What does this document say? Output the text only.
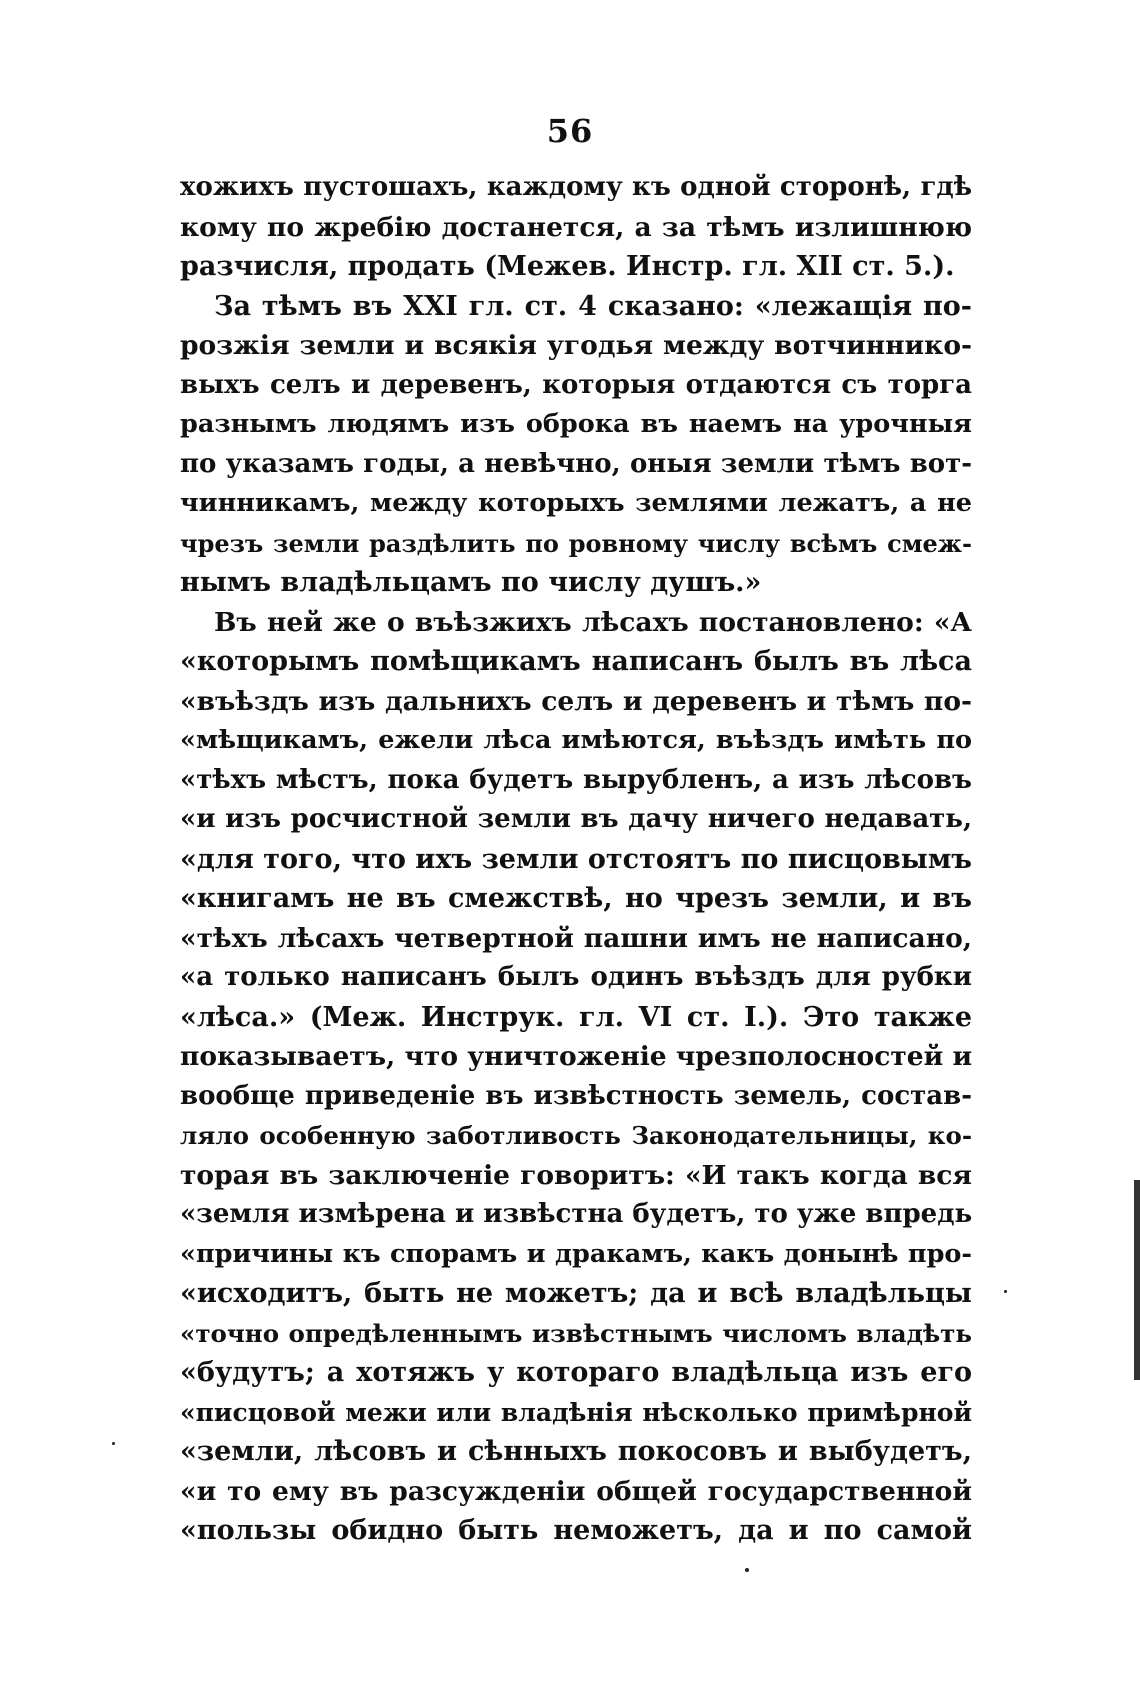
56
хожихъ пустошахъ, каждому къ одной сторонѣ, гдѣ
кому по жребію достанется, а за тѣмъ излишнюю
разчисля, продать (Межев. Инстр. гл. XII ст. 5.).
За тѣмъ въ XXI гл. ст. 4 сказано: «лежащія по-
розжія земли и всякія угодья между вотчиннико-
выхъ селъ и деревенъ, которыя отдаются съ торга
разнымъ людямъ изъ оброка въ наемъ на урочныя
по указамъ годы, а невѣчно, оныя земли тѣмъ вот-
чинникамъ, между которыхъ землями лежатъ, а не
чрезъ земли раздѣлить по ровному числу всѣмъ смеж-
нымъ владѣльцамъ по числу душъ.»
Въ ней же о въѣзжихъ лѣсахъ постановлено: «А
«которымъ помѣщикамъ написанъ былъ въ лѣса
«въѣздъ изъ дальнихъ селъ и деревенъ и тѣмъ по-
«мѣщикамъ, ежели лѣса имѣются, въѣздъ имѣть по
«тѣхъ мѣстъ, пока будетъ вырубленъ, а изъ лѣсовъ
«и изъ росчистной земли въ дачу ничего недавать,
«для того, что ихъ земли отстоятъ по писцовымъ
«книгамъ не въ смежствѣ, но чрезъ земли, и въ
«тѣхъ лѣсахъ четвертной пашни имъ не написано,
«а только написанъ былъ одинъ въѣздъ для рубки
«лѣса.» (Меж. Инструк. гл. VI ст. I.). Это также
показываетъ, что уничтоженіе чрезполосностей и
вообще приведеніе въ извѣстность земель, состав-
ляло особенную заботливость Законодательницы, ко-
торая въ заключеніе говоритъ: «И такъ когда вся
«земля измѣрена и извѣстна будетъ, то уже впредь
«причины къ спорамъ и дракамъ, какъ донынѣ про-
«исходитъ, быть не можетъ; да и всѣ владѣльцы
«точно опредѣленнымъ извѣстнымъ числомъ владѣть
«будутъ; а хотяжъ у котораго владѣльца изъ его
«писцовой межи или владѣнія нѣсколько примѣрной
«земли, лѣсовъ и сѣнныхъ покосовъ и выбудетъ,
«и то ему въ разсужденіи общей государственной
«пользы обидно быть неможетъ, да и по самой
